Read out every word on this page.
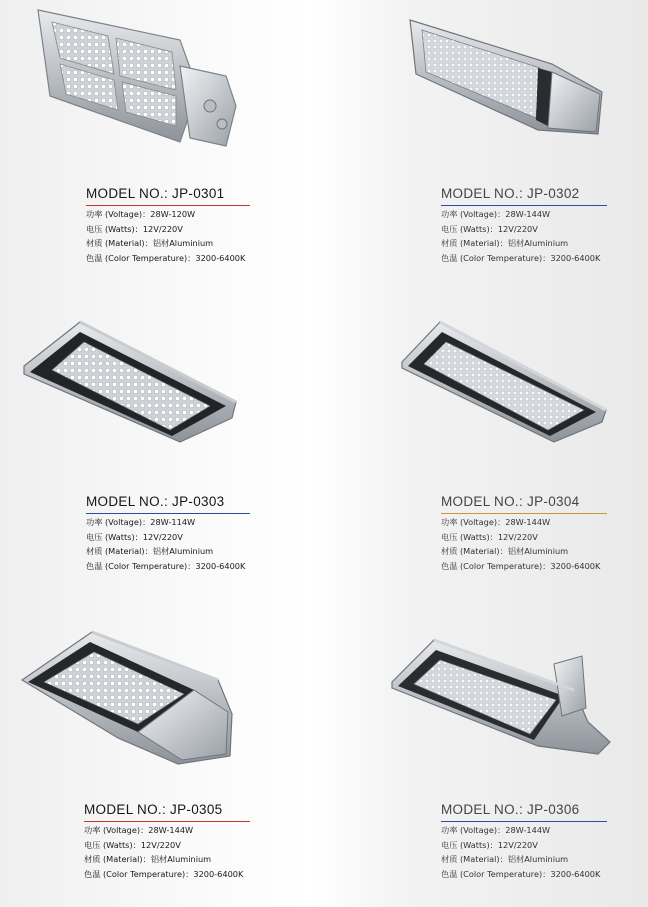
MODEL NO.: JP-0301
功率 (Voltage)：28W-120W
电压 (Watts)：12V/220V
材质 (Material)：铝材Aluminium
色温 (Color Temperature)：3200-6400K
MODEL NO.: JP-0302
功率 (Voltage)：28W-144W
电压 (Watts)：12V/220V
材质 (Material)：铝材Aluminium
色温 (Color Temperature)：3200-6400K
MODEL NO.: JP-0303
功率 (Voltage)：28W-114W
电压 (Watts)：12V/220V
材质 (Material)：铝材Aluminium
色温 (Color Temperature)：3200-6400K
MODEL NO.: JP-0304
功率 (Voltage)：28W-144W
电压 (Watts)：12V/220V
材质 (Material)：铝材Aluminium
色温 (Color Temperature)：3200-6400K
MODEL NO.: JP-0305
功率 (Voltage)：28W-144W
电压 (Watts)：12V/220V
材质 (Material)：铝材Aluminium
色温 (Color Temperature)：3200-6400K
MODEL NO.: JP-0306
功率 (Voltage)：28W-144W
电压 (Watts)：12V/220V
材质 (Material)：铝材Aluminium
色温 (Color Temperature)：3200-6400K
